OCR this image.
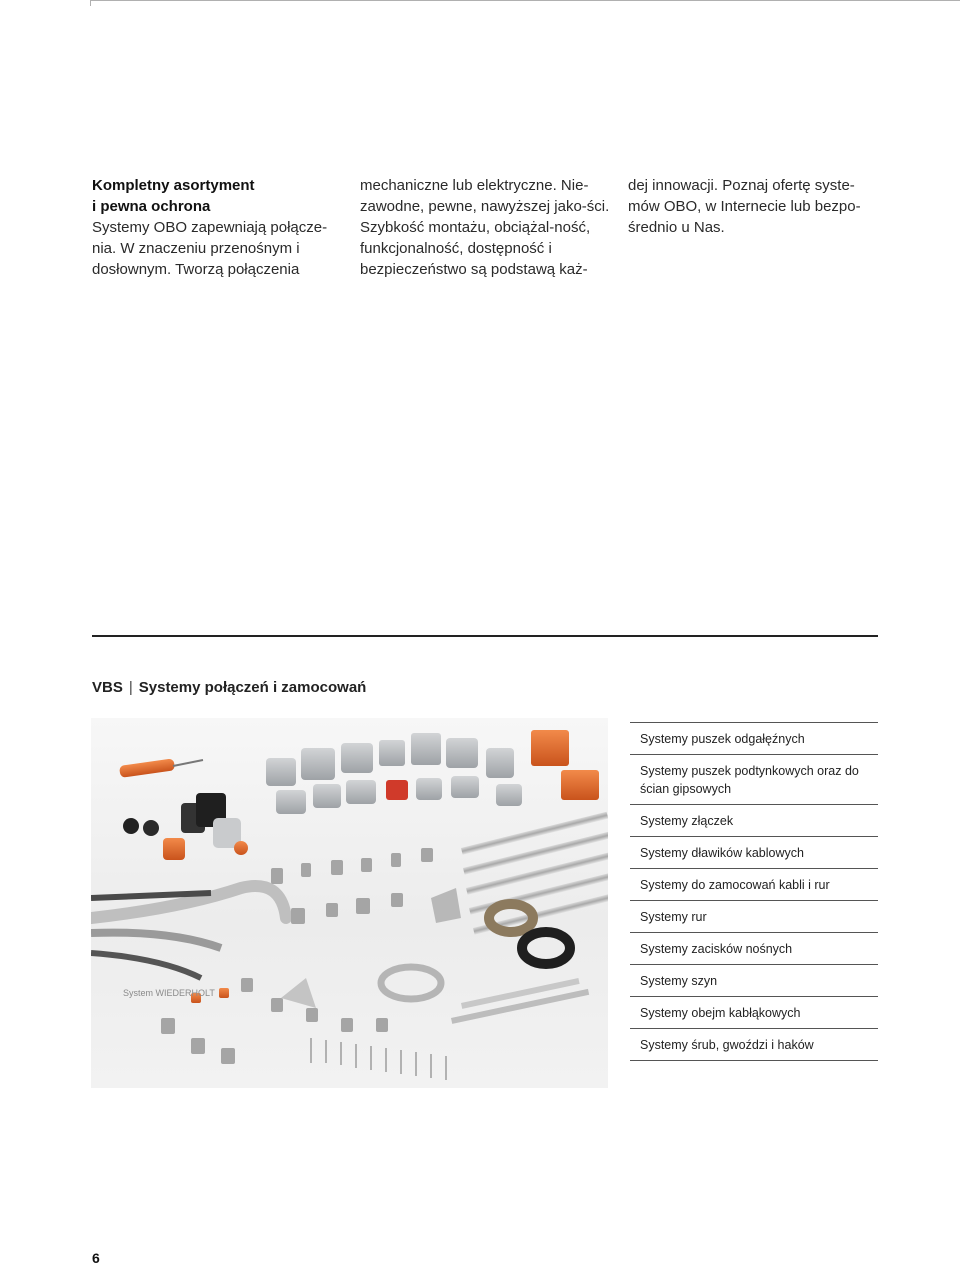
Kompletny asortyment

i pewna ochrona

Systemy OBO zapewniają połącze-nia. W znaczeniu przenośnym i dosłownym. Tworzą połączenia

mechaniczne lub elektryczne. Nie-zawodne, pewne, nawyższej jako-ści. Szybkość montażu, obciążal-ność, funkcjonalność, dostępność i bezpieczeństwo są podstawą każ-

dej innowacji. Poznaj ofertę syste-mów OBO, w Internecie lub bezpo-średnio u Nas.

VBS | Systemy połączeń i zamocowań
System WIEDERHOLT
Systemy puszek odgałęźnych
Systemy puszek podtynkowych oraz do ścian gipsowych
Systemy złączek
Systemy dławików kablowych
Systemy do zamocowań kabli i rur
Systemy rur
Systemy zacisków nośnych
Systemy szyn
Systemy obejm kabłąkowych
Systemy śrub, gwoździ i haków
6
